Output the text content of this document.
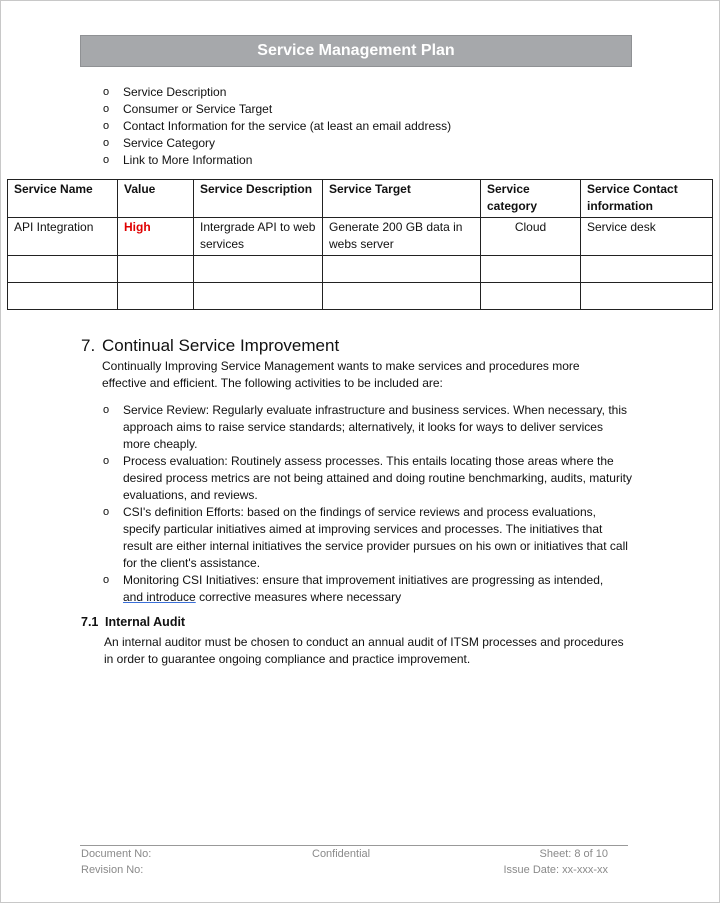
Service Management Plan
o Service Description
o Consumer or Service Target
o Contact Information for the service (at least an email address)
o Service Category
o Link to More Information
Service Name	Value	Service Description	Service Target	Service category	Service Contact information
API Integration	High	Intergrade API to web services	Generate 200 GB data in webs server	Cloud	Service desk

7. Continual Service Improvement

Continually Improving Service Management wants to make services and procedures more effective and efficient. The following activities to be included are:

o Service Review: Regularly evaluate infrastructure and business services. When necessary, this approach aims to raise service standards; alternatively, it looks for ways to deliver services more cheaply.
o Process evaluation: Routinely assess processes. This entails locating those areas where the desired process metrics are not being attained and doing routine benchmarking, audits, maturity evaluations, and reviews.
o CSI's definition Efforts: based on the findings of service reviews and process evaluations, specify particular initiatives aimed at improving services and processes. The initiatives that result are either internal initiatives the service provider pursues on his own or initiatives that call for the client's assistance.
o Monitoring CSI Initiatives: ensure that improvement initiatives are progressing as intended,
and introduce corrective measures where necessary
7.1 Internal Audit

An internal auditor must be chosen to conduct an annual audit of ITSM processes and procedures in order to guarantee ongoing compliance and practice improvement.

Document No:
Revision No:
Confidential	Sheet: 8 of 10
Issue Date: xx-xxx-xx
